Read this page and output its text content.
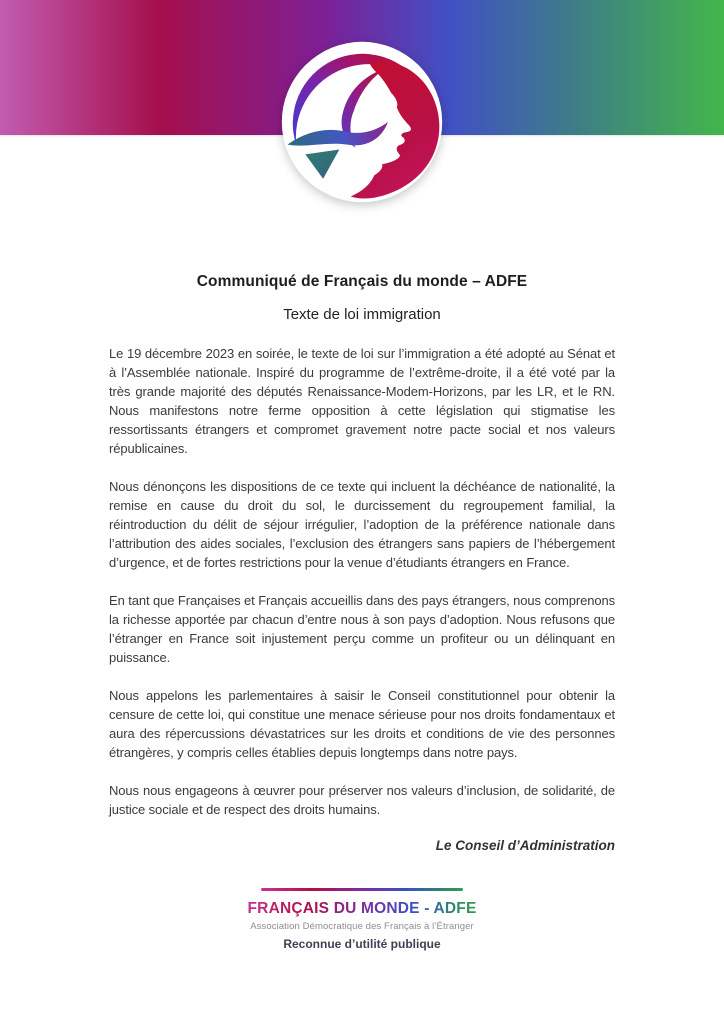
Communiqué de Français du monde – ADFE
Texte de loi immigration

Le 19 décembre 2023 en soirée, le texte de loi sur l’immigration a été adopté au Sénat et à l’Assemblée nationale. Inspiré du programme de l’extrême-droite, il a été voté par la très grande majorité des députés Renaissance-Modem-Horizons, par les LR, et le RN. Nous manifestons notre ferme opposition à cette législation qui stigmatise les ressortissants étrangers et compromet gravement notre pacte social et nos valeurs républicaines.

Nous dénonçons les dispositions de ce texte qui incluent la déchéance de nationalité, la remise en cause du droit du sol, le durcissement du regroupement familial, la réintroduction du délit de séjour irrégulier, l’adoption de la préférence nationale dans l’attribution des aides sociales, l’exclusion des étrangers sans papiers de l’hébergement d’urgence, et de fortes restrictions pour la venue d’étudiants étrangers en France.

En tant que Françaises et Français accueillis dans des pays étrangers, nous comprenons la richesse apportée par chacun d’entre nous à son pays d’adoption. Nous refusons que l’étranger en France soit injustement perçu comme un profiteur ou un délinquant en puissance.

Nous appelons les parlementaires à saisir le Conseil constitutionnel pour obtenir la censure de cette loi, qui constitue une menace sérieuse pour nos droits fondamentaux et aura des répercussions dévastatrices sur les droits et conditions de vie des personnes étrangères, y compris celles établies depuis longtemps dans notre pays.

Nous nous engageons à œuvrer pour préserver nos valeurs d’inclusion, de solidarité, de justice sociale et de respect des droits humains.

Le Conseil d’Administration
FRANÇAIS DU MONDE - ADFE
Association Démocratique des Français à l’Étranger
Reconnue d’utilité publique
